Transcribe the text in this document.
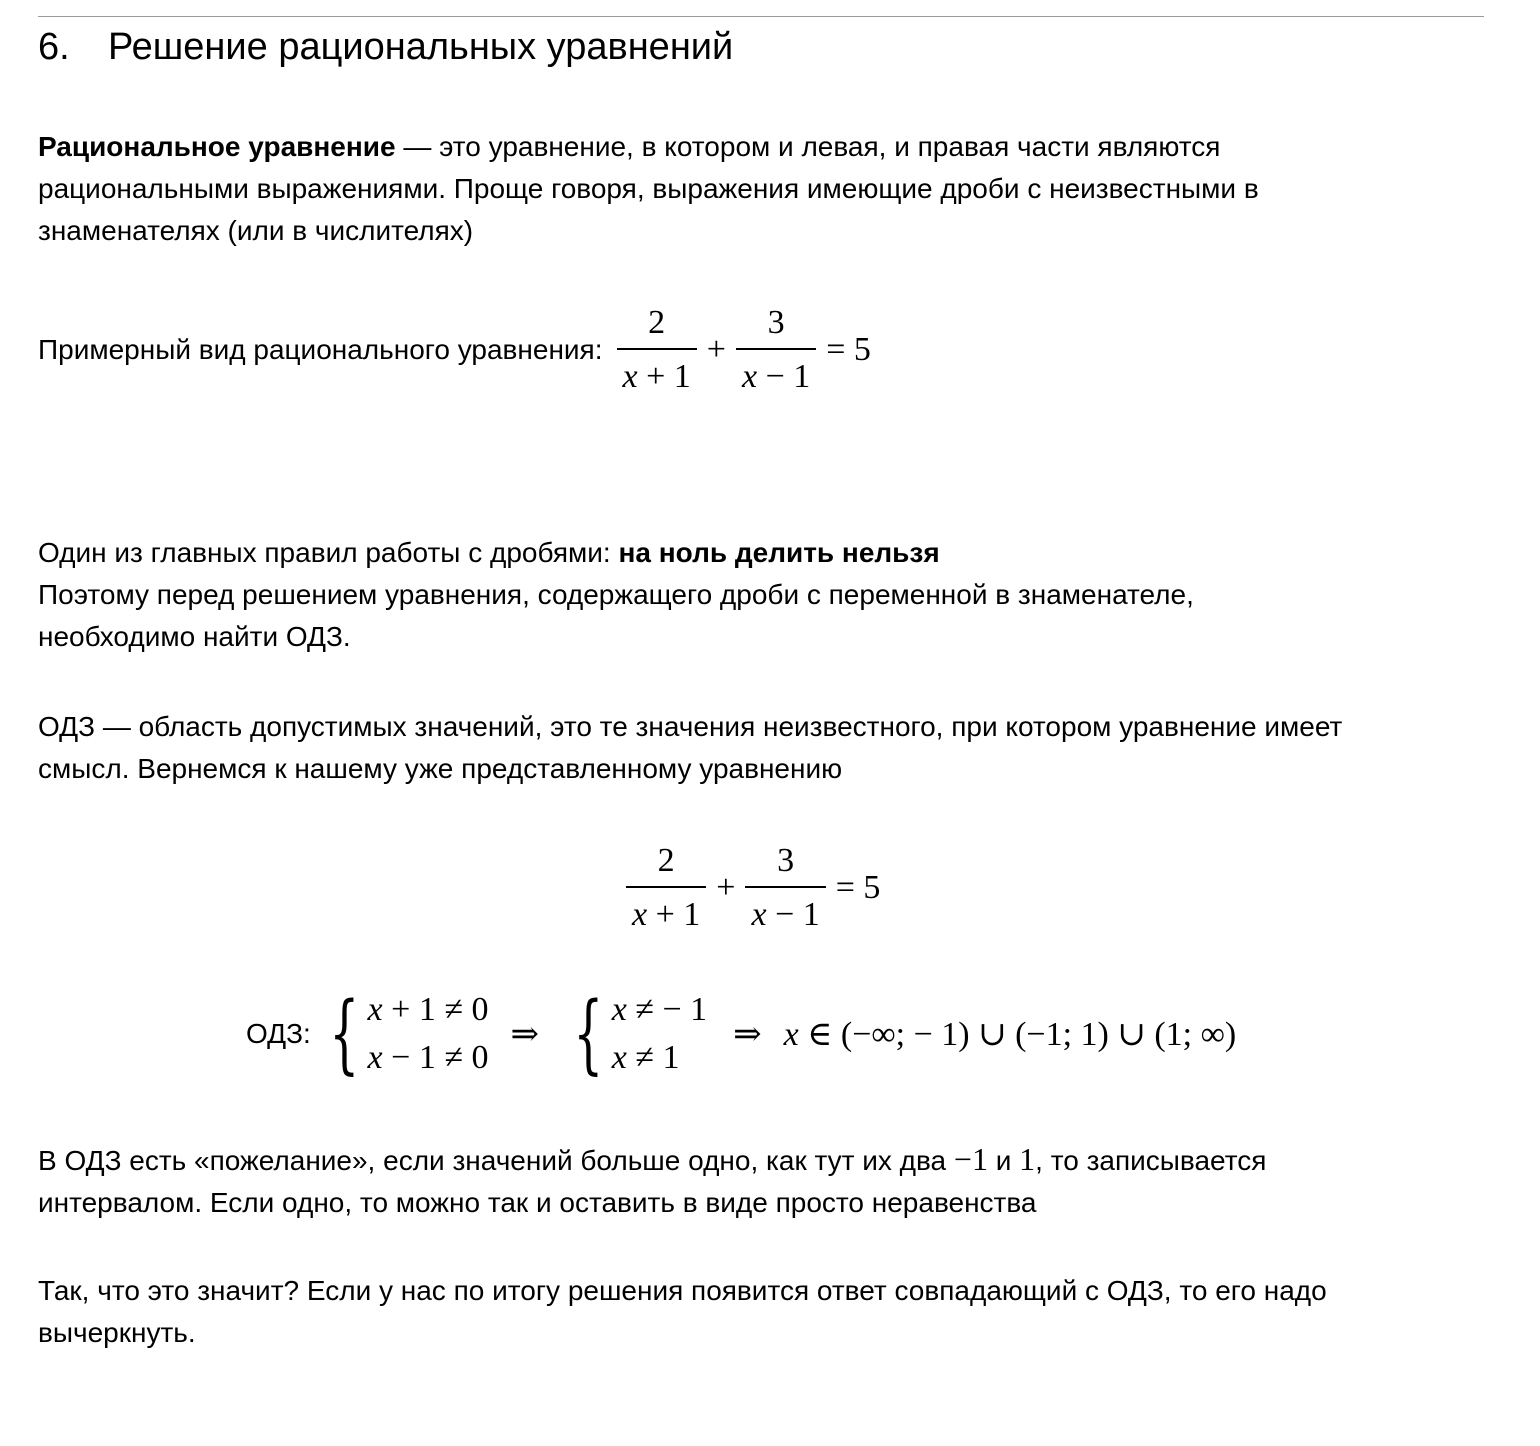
6. Решение рациональных уравнений
Рациональное уравнение — это уравнение, в котором и левая, и правая части являются рациональными выражениями. Проще говоря, выражения имеющие дроби с неизвестными в знаменателях (или в числителях)
Примерный вид рационального уравнения: $\frac{2}{x + 1} + \frac{3}{x - 1} = 5$
Один из главных правил работы с дробями: на ноль делить нельзя
Поэтому перед решением уравнения, содержащего дроби с переменной в знаменателе, необходимо найти ОДЗ.
ОДЗ — область допустимых значений, это те значения неизвестного, при котором уравнение имеет смысл. Вернемся к нашему уже представленному уравнению
$\frac{2}{x + 1} + \frac{3}{x - 1} = 5$
ОДЗ: { x + 1 ≠ 0
x − 1 ≠ 0
⇒ { x ≠ − 1
x ≠ 1
⇒ x ∈ (−∞; − 1) ∪ (−1; 1) ∪ (1; ∞)
В ОДЗ есть «пожелание», если значений больше одно, как тут их два −1 и 1, то записывается интервалом. Если одно, то можно так и оставить в виде просто неравенства
Так, что это значит? Если у нас по итогу решения появится ответ совпадающий с ОДЗ, то его надо вычеркнуть.
